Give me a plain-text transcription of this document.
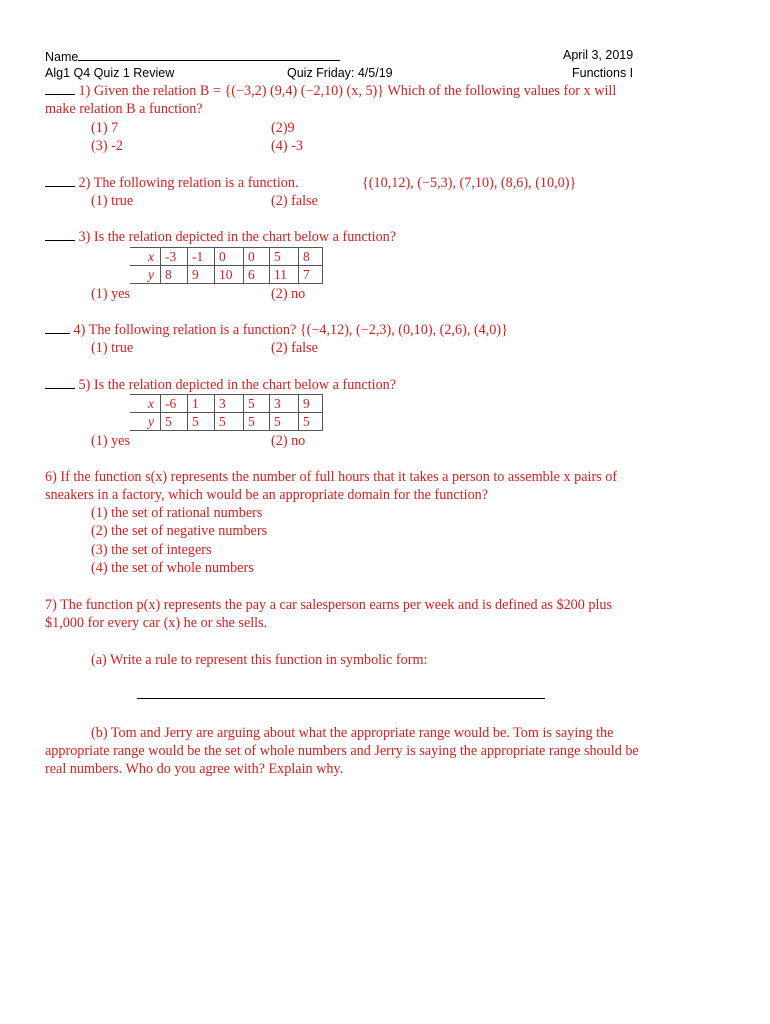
Name	April 3, 2019
Alg1 Q4 Quiz 1 Review	Quiz Friday: 4/5/19	Functions I
1) Given the relation B = {(−3,2) (9,4) (−2,10) (x, 5)} Which of the following values for x will
make relation B a function?
(1) 7	(2)9
(3) -2	(4) -3
2) The following relation is a function.	{(10,12), (−5,3), (7,10), (8,6), (10,0)}
(1) true	(2) false
3) Is the relation depicted in the chart below a function?
x	-3	-1	0	0	5	8
y	8	9	10	6	11	7
(1) yes	(2) no
4) The following relation is a function? {(−4,12), (−2,3), (0,10), (2,6), (4,0)}
(1) true	(2) false
5) Is the relation depicted in the chart below a function?
x	-6	1	3	5	3	9
y	5	5	5	5	5	5
(1) yes	(2) no
6) If the function s(x) represents the number of full hours that it takes a person to assemble x pairs of
sneakers in a factory, which would be an appropriate domain for the function?
(1) the set of rational numbers
(2) the set of negative numbers
(3) the set of integers
(4) the set of whole numbers
7) The function p(x) represents the pay a car salesperson earns per week and is defined as $200 plus
$1,000 for every car (x) he or she sells.
(a) Write a rule to represent this function in symbolic form:
(b) Tom and Jerry are arguing about what the appropriate range would be. Tom is saying the
appropriate range would be the set of whole numbers and Jerry is saying the appropriate range should be
real numbers. Who do you agree with? Explain why.
